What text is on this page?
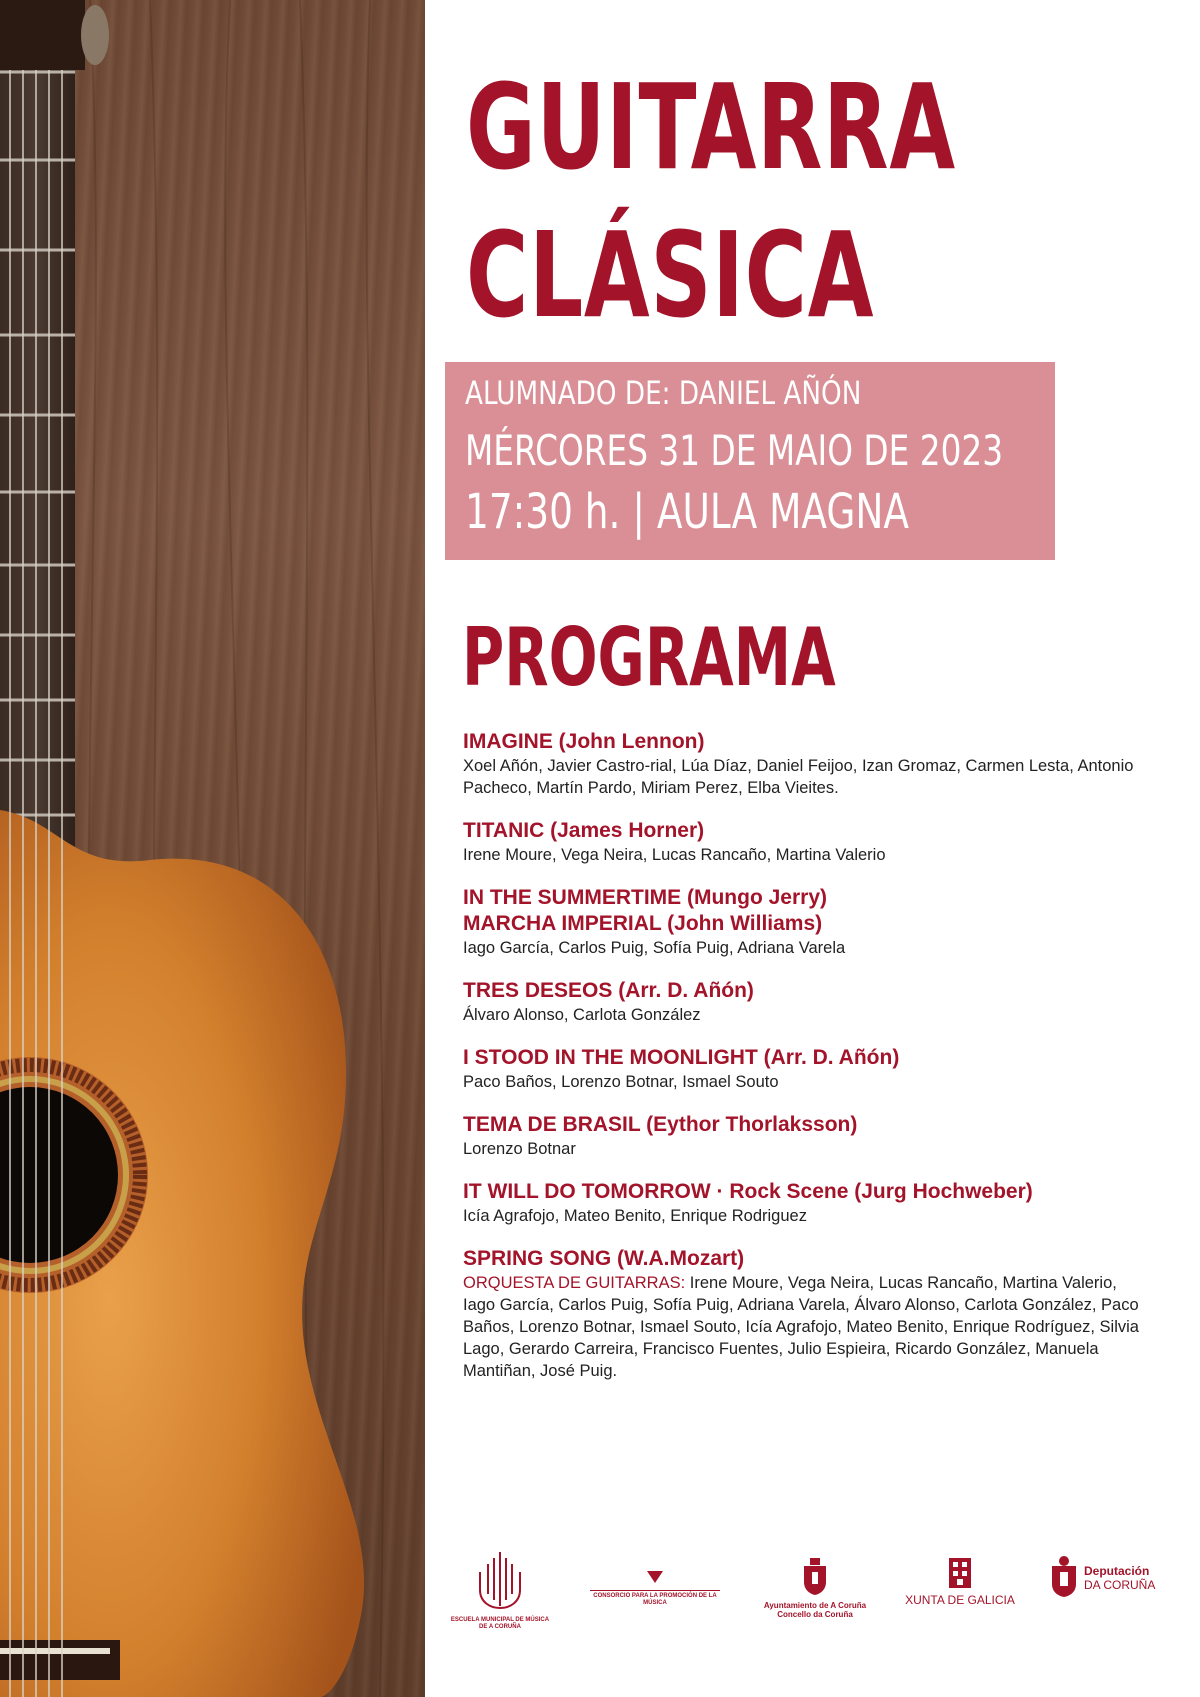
GUITARRA
CLÁSICA

ALUMNADO DE: DANIEL AÑÓN

MÉRCORES 31 DE MAIO DE 2023

17:30 h. | AULA MAGNA

PROGRAMA
IMAGINE (John Lennon)
Xoel Añón, Javier Castro-rial, Lúa Díaz, Daniel Feijoo, Izan Gromaz, Carmen Lesta, Antonio Pacheco, Martín Pardo, Miriam Perez, Elba Vieites.
TITANIC (James Horner)
Irene Moure, Vega Neira, Lucas Rancaño, Martina Valerio
IN THE SUMMERTIME (Mungo Jerry)
MARCHA IMPERIAL (John Williams)
Iago García, Carlos Puig, Sofía Puig, Adriana Varela
TRES DESEOS (Arr. D. Añón)
Álvaro Alonso, Carlota González
I STOOD IN THE MOONLIGHT (Arr. D. Añón)
Paco Baños, Lorenzo Botnar, Ismael Souto
TEMA DE BRASIL (Eythor Thorlaksson)
Lorenzo Botnar
IT WILL DO TOMORROW · Rock Scene (Jurg Hochweber)
Icía Agrafojo, Mateo Benito, Enrique Rodriguez
SPRING SONG (W.A.Mozart)
ORQUESTA DE GUITARRAS: Irene Moure, Vega Neira, Lucas Rancaño, Martina Valerio, Iago García, Carlos Puig, Sofía Puig, Adriana Varela, Álvaro Alonso, Carlota González, Paco Baños, Lorenzo Botnar, Ismael Souto, Icía Agrafojo, Mateo Benito, Enrique Rodríguez, Silvia Lago, Gerardo Carreira, Francisco Fuentes, Julio Espieira, Ricardo González, Manuela Mantiñan, José Puig.
ESCUELA MUNICIPAL DE MÚSICA DE A CORUÑA
CONSORCIO PARA LA PROMOCIÓN DE LA MÚSICA	Ayuntamiento de A Coruña
Concello da Coruña
XUNTA DE GALICIA
Deputación
DA CORUÑA
